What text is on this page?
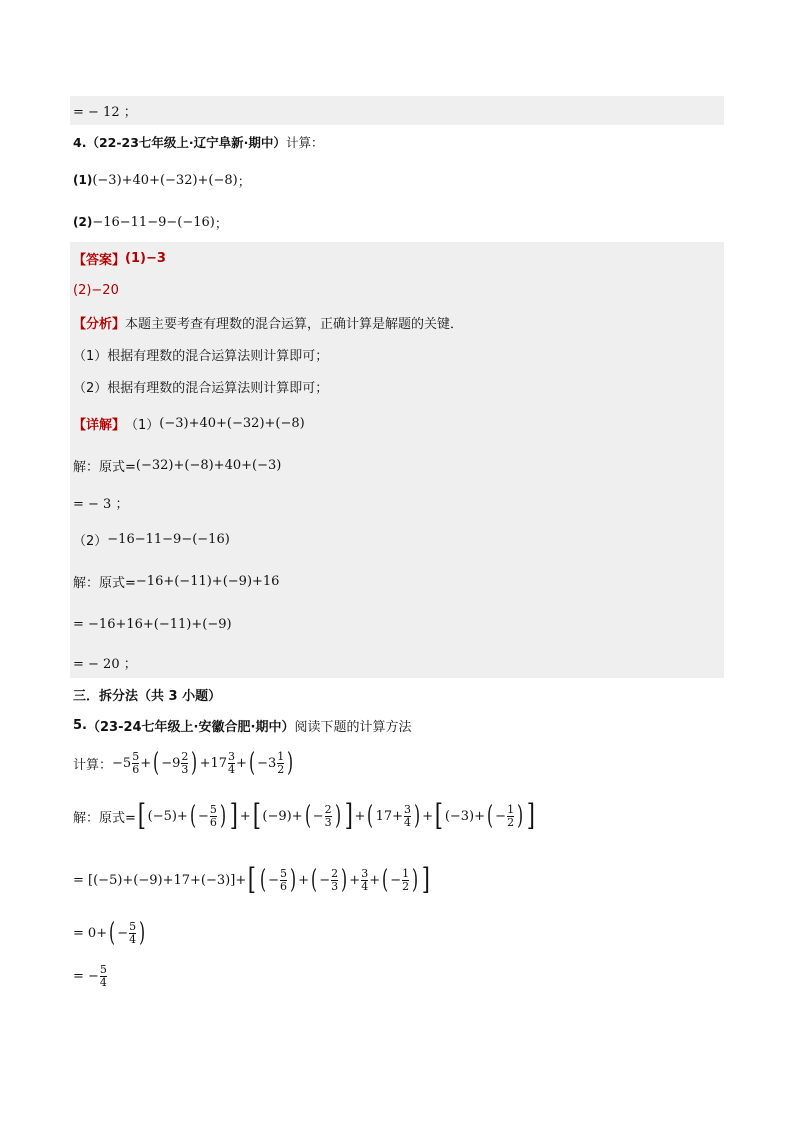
= − 12 ；
4. （22-23七年级上·辽宁阜新·期中） 计算：
(1) (−3)+40+(−32)+(−8) ；
(2) −16−11−9−(−16) ；
【答案】 (1)−3
(2)−20
【分析】 本题主要考查有理数的混合运算，正确计算是解题的关键．
（1）根据有理数的混合运算法则计算即可；
（2）根据有理数的混合运算法则计算即可；
【详解】 （1） (−3)+40+(−32)+(−8)
解：原式= (−32)+(−8)+40+(−3)
= − 3 ；
（2） −16−11−9−(−16)
解：原式= −16+(−11)+(−9)+16
= −16+16+(−11)+(−9)
= − 20 ；
三．拆分法（共 3 小题）
5. （23-24七年级上·安徽合肥·期中） 阅读下题的计算方法
计算： $-5 \frac{5}{6}$ + ( $-9 \frac{2}{3}$ ) $+17 \frac{3}{4}$ + ( $-3 \frac{1}{2}$ )
解：原式= [ (−5)+ ( − $\frac{5}{6}$ ) ] + [ (−9)+ ( − $\frac{2}{3}$ ) ] + ( $17+ \frac{3}{4}$ ) + [ (−3)+ ( − $\frac{1}{2}$ ) ]
= [(−5)+(−9)+17+(−3)] + [ ( − $\frac{5}{6}$ ) + ( − $\frac{2}{3}$ ) + $\frac{3}{4}$ + ( − $\frac{1}{2}$ ) ]
= 0 + ( − $\frac{5}{4}$ )
= − $\frac{5}{4}$
